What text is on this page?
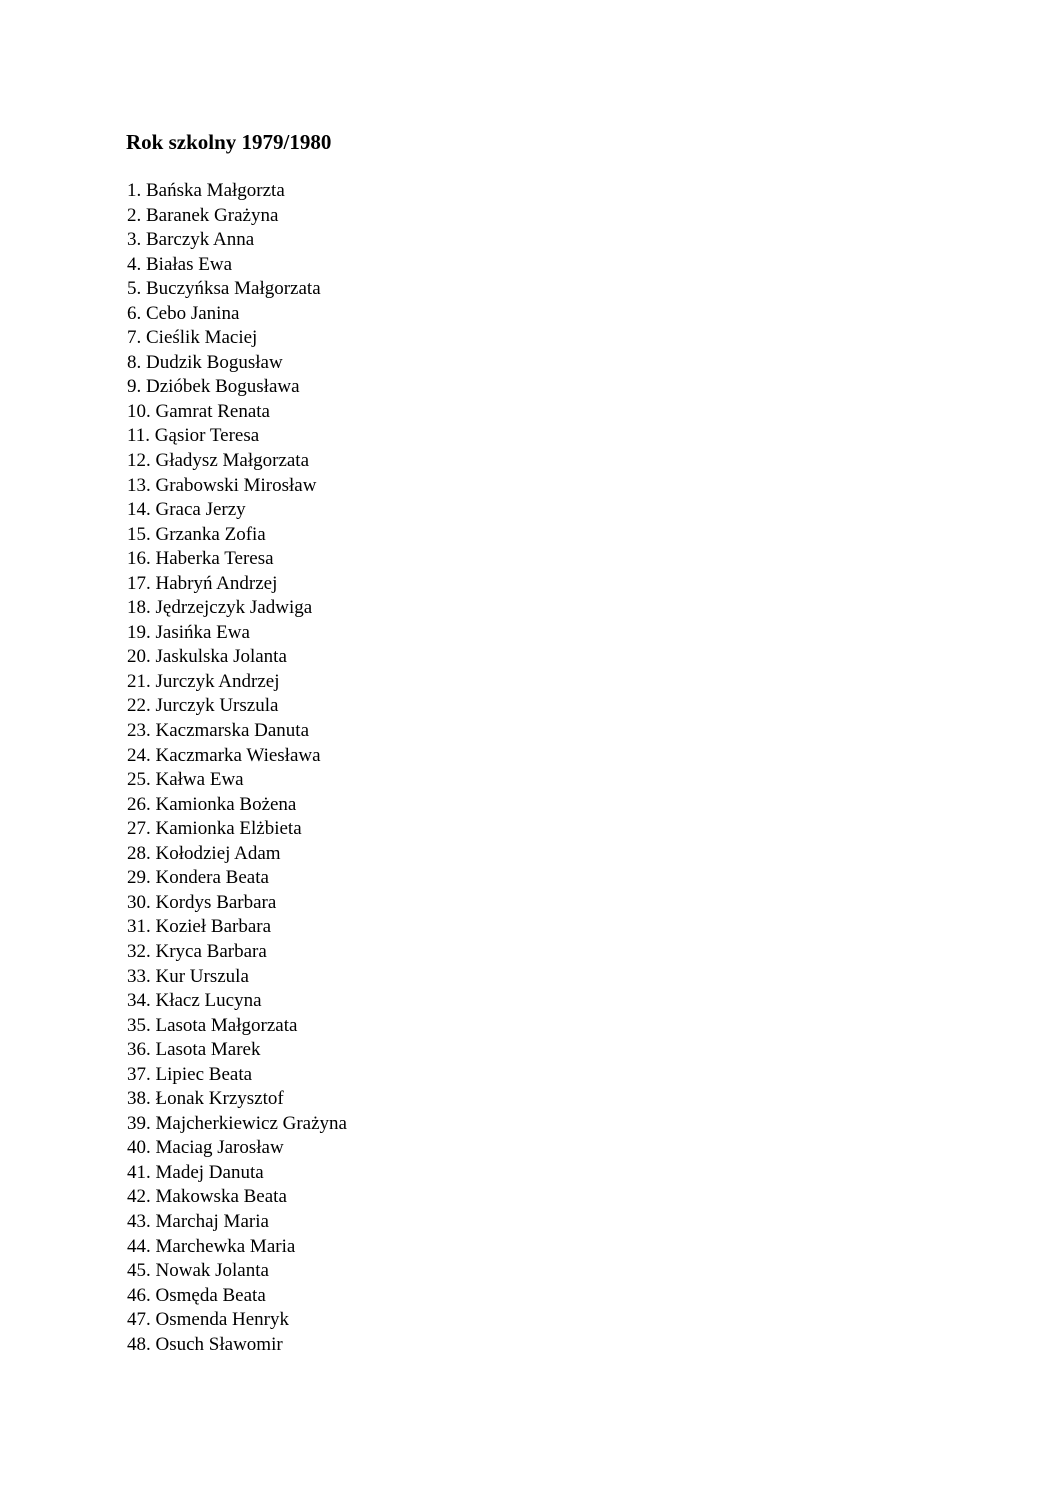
Rok szkolny 1979/1980
1. Bańska Małgorzta
2. Baranek Grażyna
3. Barczyk Anna
4. Białas Ewa
5. Buczyńksa Małgorzata
6. Cebo Janina
7. Cieślik Maciej
8. Dudzik Bogusław
9. Dzióbek Bogusława
10. Gamrat Renata
11. Gąsior Teresa
12. Gładysz Małgorzata
13. Grabowski Mirosław
14. Graca Jerzy
15. Grzanka Zofia
16. Haberka Teresa
17. Habryń Andrzej
18. Jędrzejczyk Jadwiga
19. Jasińka Ewa
20. Jaskulska Jolanta
21. Jurczyk Andrzej
22. Jurczyk Urszula
23. Kaczmarska Danuta
24. Kaczmarka Wiesława
25. Kałwa Ewa
26. Kamionka Bożena
27. Kamionka Elżbieta
28. Kołodziej Adam
29. Kondera Beata
30. Kordys Barbara
31. Kozieł Barbara
32. Kryca Barbara
33. Kur Urszula
34. Kłacz Lucyna
35. Lasota Małgorzata
36. Lasota Marek
37. Lipiec Beata
38. Łonak Krzysztof
39. Majcherkiewicz Grażyna
40. Maciag Jarosław
41. Madej Danuta
42. Makowska Beata
43. Marchaj Maria
44. Marchewka Maria
45. Nowak Jolanta
46. Osmęda Beata
47. Osmenda Henryk
48. Osuch Sławomir
